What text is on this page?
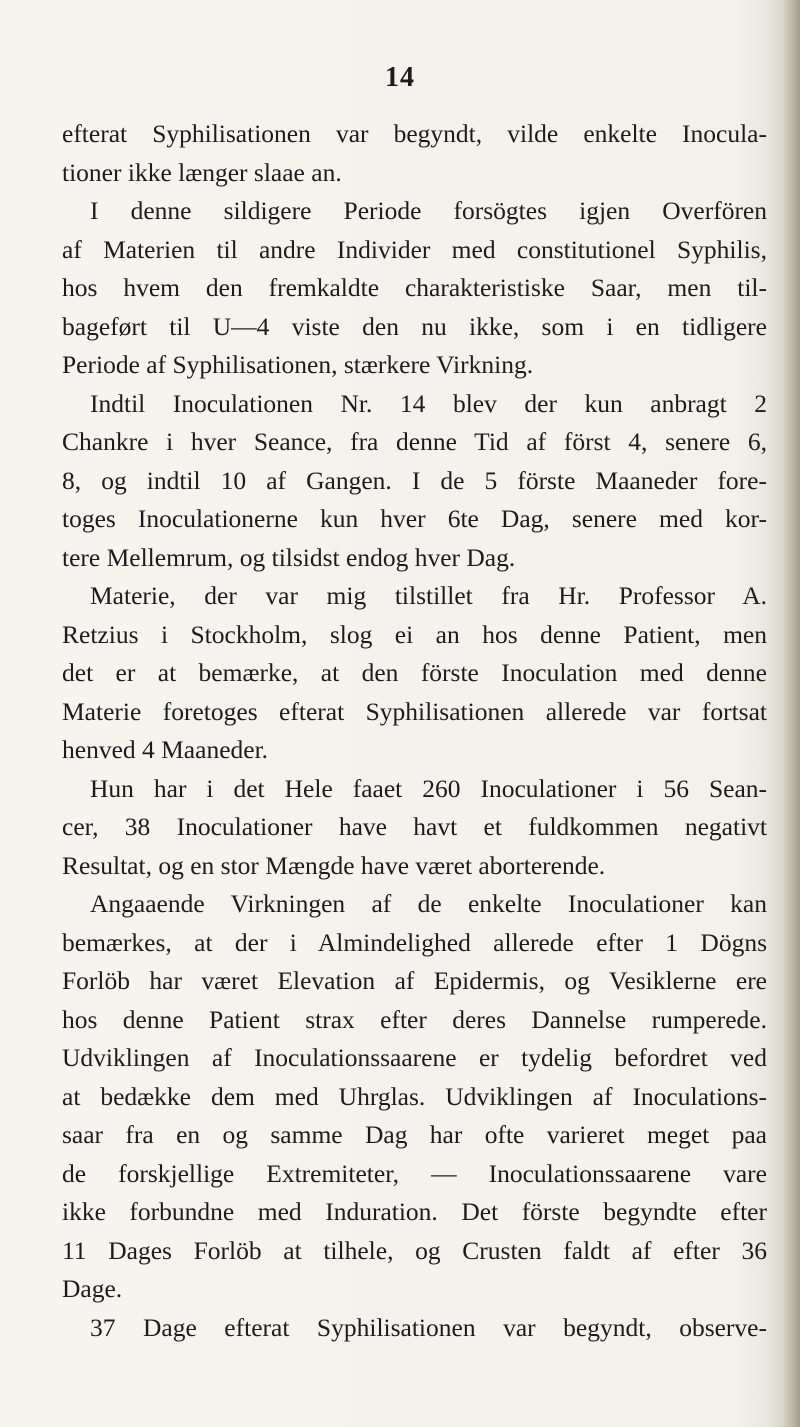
14
efterat Syphilisationen var begyndt, vilde enkelte Inocula-
tioner ikke længer slaae an.
I denne sildigere Periode forsögtes igjen Overfören
af Materien til andre Individer med constitutionel Syphilis,
hos hvem den fremkaldte charakteristiske Saar, men til-
bageført til U—4 viste den nu ikke, som i en tidligere
Periode af Syphilisationen, stærkere Virkning.
Indtil Inoculationen Nr. 14 blev der kun anbragt 2
Chankre i hver Seance, fra denne Tid af först 4, senere 6,
8, og indtil 10 af Gangen. I de 5 förste Maaneder fore-
toges Inoculationerne kun hver 6te Dag, senere med kor-
tere Mellemrum, og tilsidst endog hver Dag.
Materie, der var mig tilstillet fra Hr. Professor A.
Retzius i Stockholm, slog ei an hos denne Patient, men
det er at bemærke, at den förste Inoculation med denne
Materie foretoges efterat Syphilisationen allerede var fortsat
henved 4 Maaneder.
Hun har i det Hele faaet 260 Inoculationer i 56 Sean-
cer, 38 Inoculationer have havt et fuldkommen negativt
Resultat, og en stor Mængde have været aborterende.
Angaaende Virkningen af de enkelte Inoculationer kan
bemærkes, at der i Almindelighed allerede efter 1 Dögns
Forlöb har været Elevation af Epidermis, og Vesiklerne ere
hos denne Patient strax efter deres Dannelse rumperede.
Udviklingen af Inoculationssaarene er tydelig befordret ved
at bedække dem med Uhrglas. Udviklingen af Inoculations-
saar fra en og samme Dag har ofte varieret meget paa
de forskjellige Extremiteter, — Inoculationssaarene vare
ikke forbundne med Induration. Det förste begyndte efter
11 Dages Forlöb at tilhele, og Crusten faldt af efter 36
Dage.
37 Dage efterat Syphilisationen var begyndt, observe-
